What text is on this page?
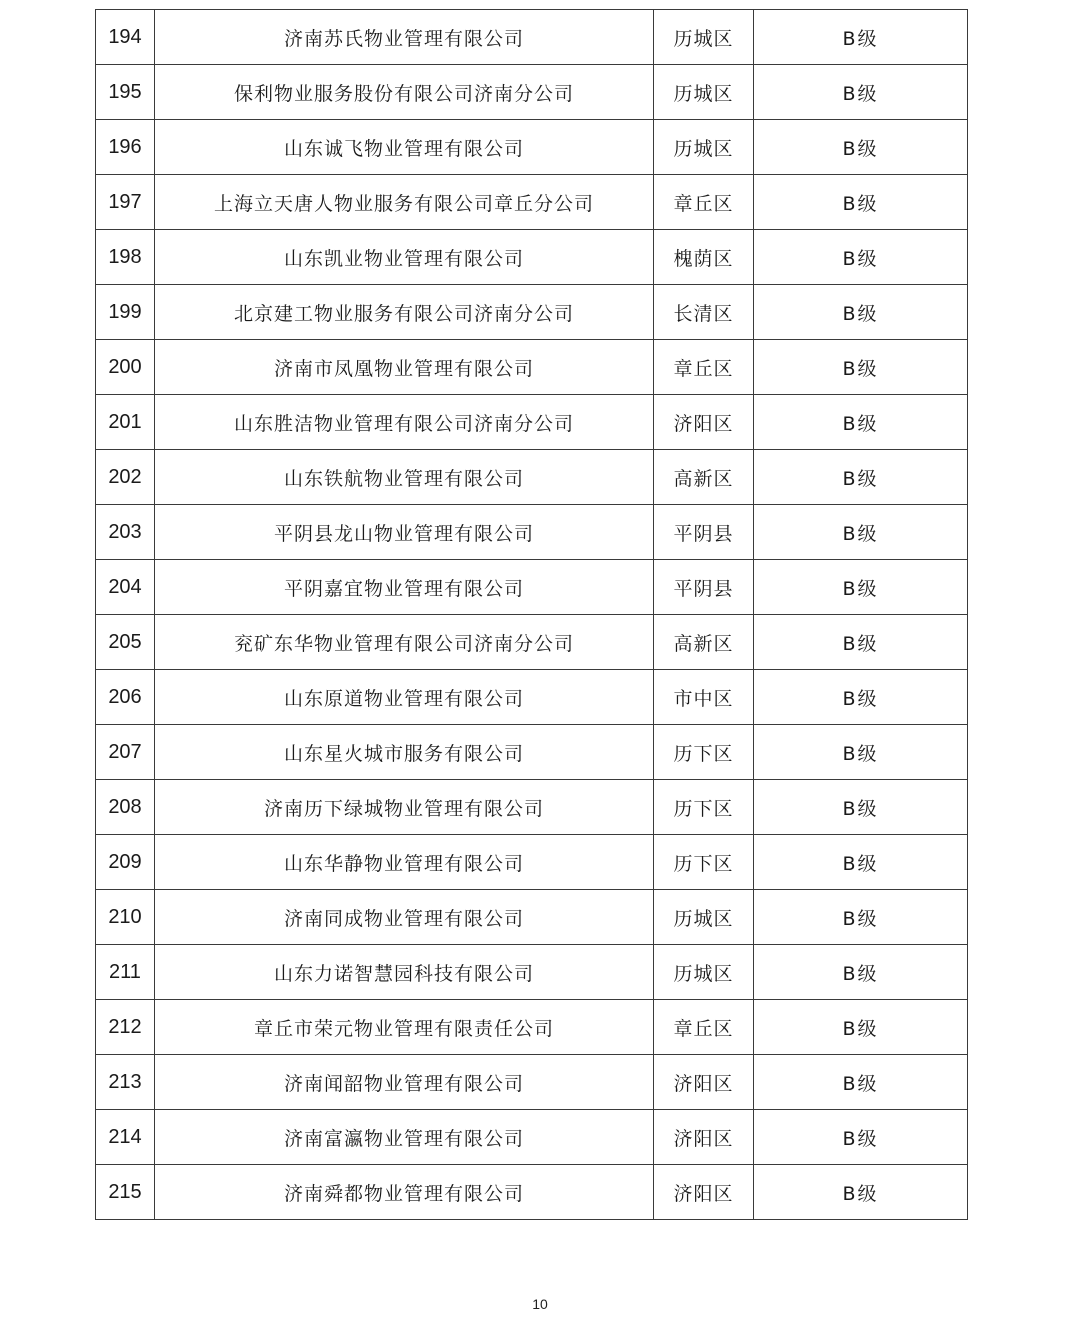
194	济南苏氏物业管理有限公司	历城区	B级
195	保利物业服务股份有限公司济南分公司	历城区	B级
196	山东诚飞物业管理有限公司	历城区	B级
197	上海立天唐人物业服务有限公司章丘分公司	章丘区	B级
198	山东凯业物业管理有限公司	槐荫区	B级
199	北京建工物业服务有限公司济南分公司	长清区	B级
200	济南市凤凰物业管理有限公司	章丘区	B级
201	山东胜洁物业管理有限公司济南分公司	济阳区	B级
202	山东铁航物业管理有限公司	高新区	B级
203	平阴县龙山物业管理有限公司	平阴县	B级
204	平阴嘉宜物业管理有限公司	平阴县	B级
205	兖矿东华物业管理有限公司济南分公司	高新区	B级
206	山东原道物业管理有限公司	市中区	B级
207	山东星火城市服务有限公司	历下区	B级
208	济南历下绿城物业管理有限公司	历下区	B级
209	山东华静物业管理有限公司	历下区	B级
210	济南同成物业管理有限公司	历城区	B级
211	山东力诺智慧园科技有限公司	历城区	B级
212	章丘市荣元物业管理有限责任公司	章丘区	B级
213	济南闻韶物业管理有限公司	济阳区	B级
214	济南富瀛物业管理有限公司	济阳区	B级
215	济南舜都物业管理有限公司	济阳区	B级
10
